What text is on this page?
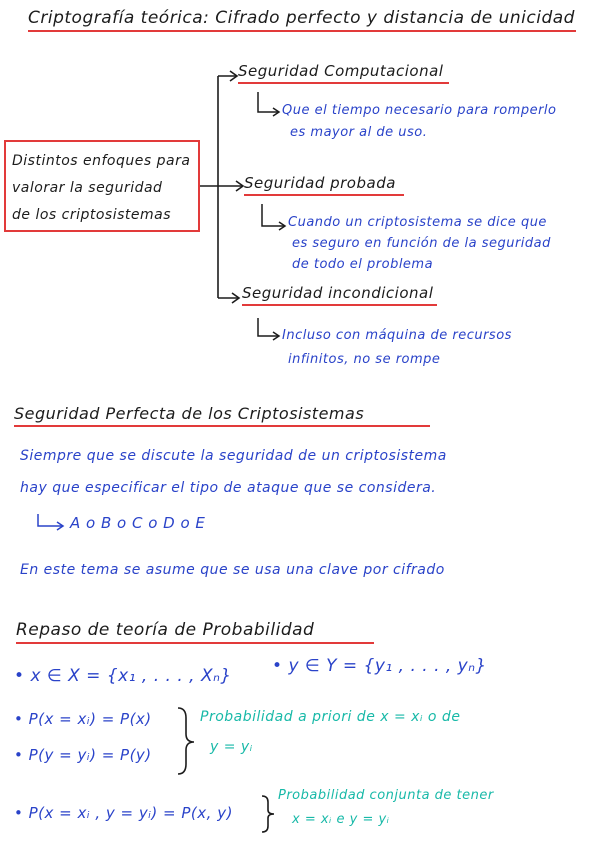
Criptografía teórica: Cifrado perfecto y distancia de unicidad
Distintos enfoques para
valorar la seguridad
de los criptosistemas
Seguridad Computacional
Que el tiempo necesario para romperlo
es mayor al de uso.
Seguridad probada
Cuando un criptosistema se dice que
es seguro en función de la seguridad
de todo el problema
Seguridad incondicional
Incluso con máquina de recursos
infinitos, no se rompe
Seguridad Perfecta de los Criptosistemas
Siempre que se discute la seguridad de un criptosistema
hay que especificar el tipo de ataque que se considera.
A o B o C o D o E
En este tema se asume que se usa una clave por cifrado
Repaso de teoría de Probabilidad
• x ∈ X = {x₁ , . . . , Xₙ} • y ∈ Y = {y₁ , . . . , yₙ}
• P(x = xᵢ) = P(x)
• P(y = yᵢ) = P(y)
Probabilidad a priori de x = xᵢ o de
y = yᵢ
• P(x = xᵢ , y = yᵢ) = P(x, y)
Probabilidad conjunta de tener
x = xᵢ e y = yᵢ
